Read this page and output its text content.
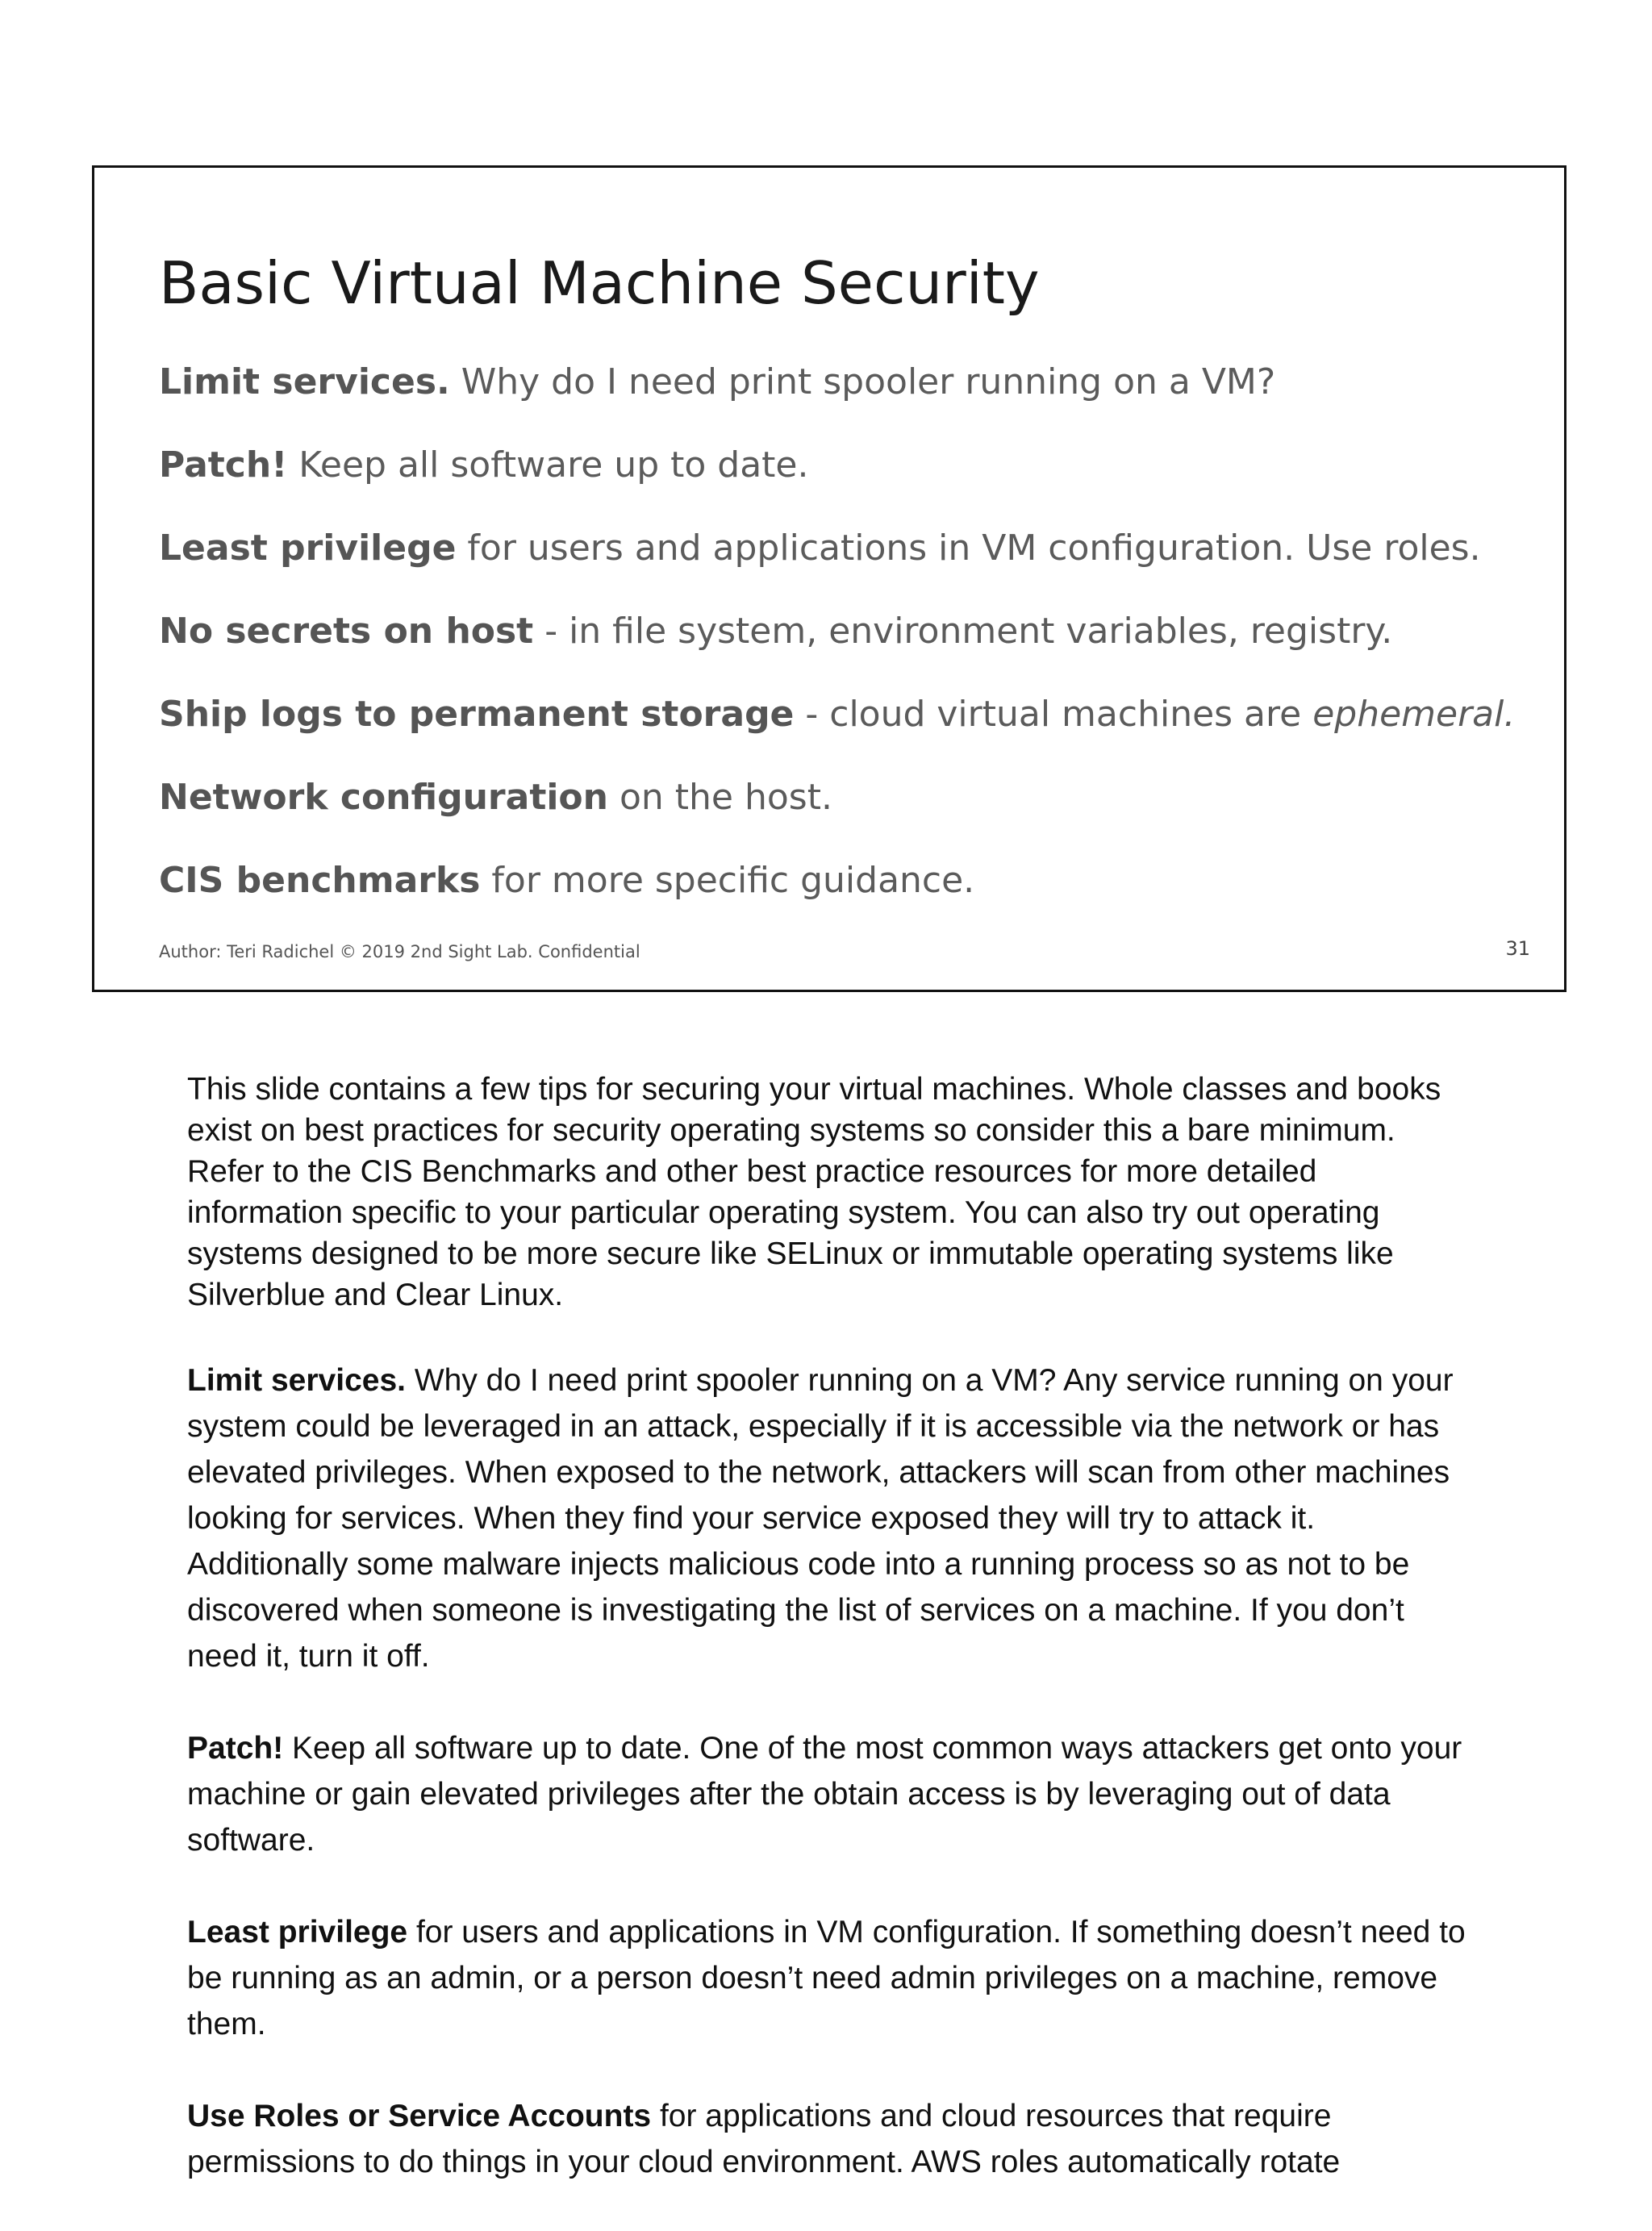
Basic Virtual Machine Security
Limit services. Why do I need print spooler running on a VM?
Patch! Keep all software up to date.
Least privilege for users and applications in VM configuration. Use roles.
No secrets on host - in file system, environment variables, registry.
Ship logs to permanent storage - cloud virtual machines are ephemeral.
Network configuration on the host.
CIS benchmarks for more specific guidance.
Author: Teri Radichel © 2019 2nd Sight Lab. Confidential	31

This slide contains a few tips for securing your virtual machines. Whole classes and books exist on best practices for security operating systems so consider this a bare minimum. Refer to the CIS Benchmarks and other best practice resources for more detailed information specific to your particular operating system. You can also try out operating systems designed to be more secure like SELinux or immutable operating systems like Silverblue and Clear Linux.

Limit services. Why do I need print spooler running on a VM? Any service running on your system could be leveraged in an attack, especially if it is accessible via the network or has elevated privileges. When exposed to the network, attackers will scan from other machines looking for services. When they find your service exposed they will try to attack it. Additionally some malware injects malicious code into a running process so as not to be discovered when someone is investigating the list of services on a machine. If you don’t need it, turn it off.

Patch! Keep all software up to date. One of the most common ways attackers get onto your machine or gain elevated privileges after the obtain access is by leveraging out of data software.

Least privilege for users and applications in VM configuration. If something doesn’t need to be running as an admin, or a person doesn’t need admin privileges on a machine, remove them.

Use Roles or Service Accounts for applications and cloud resources that require permissions to do things in your cloud environment. AWS roles automatically rotate
